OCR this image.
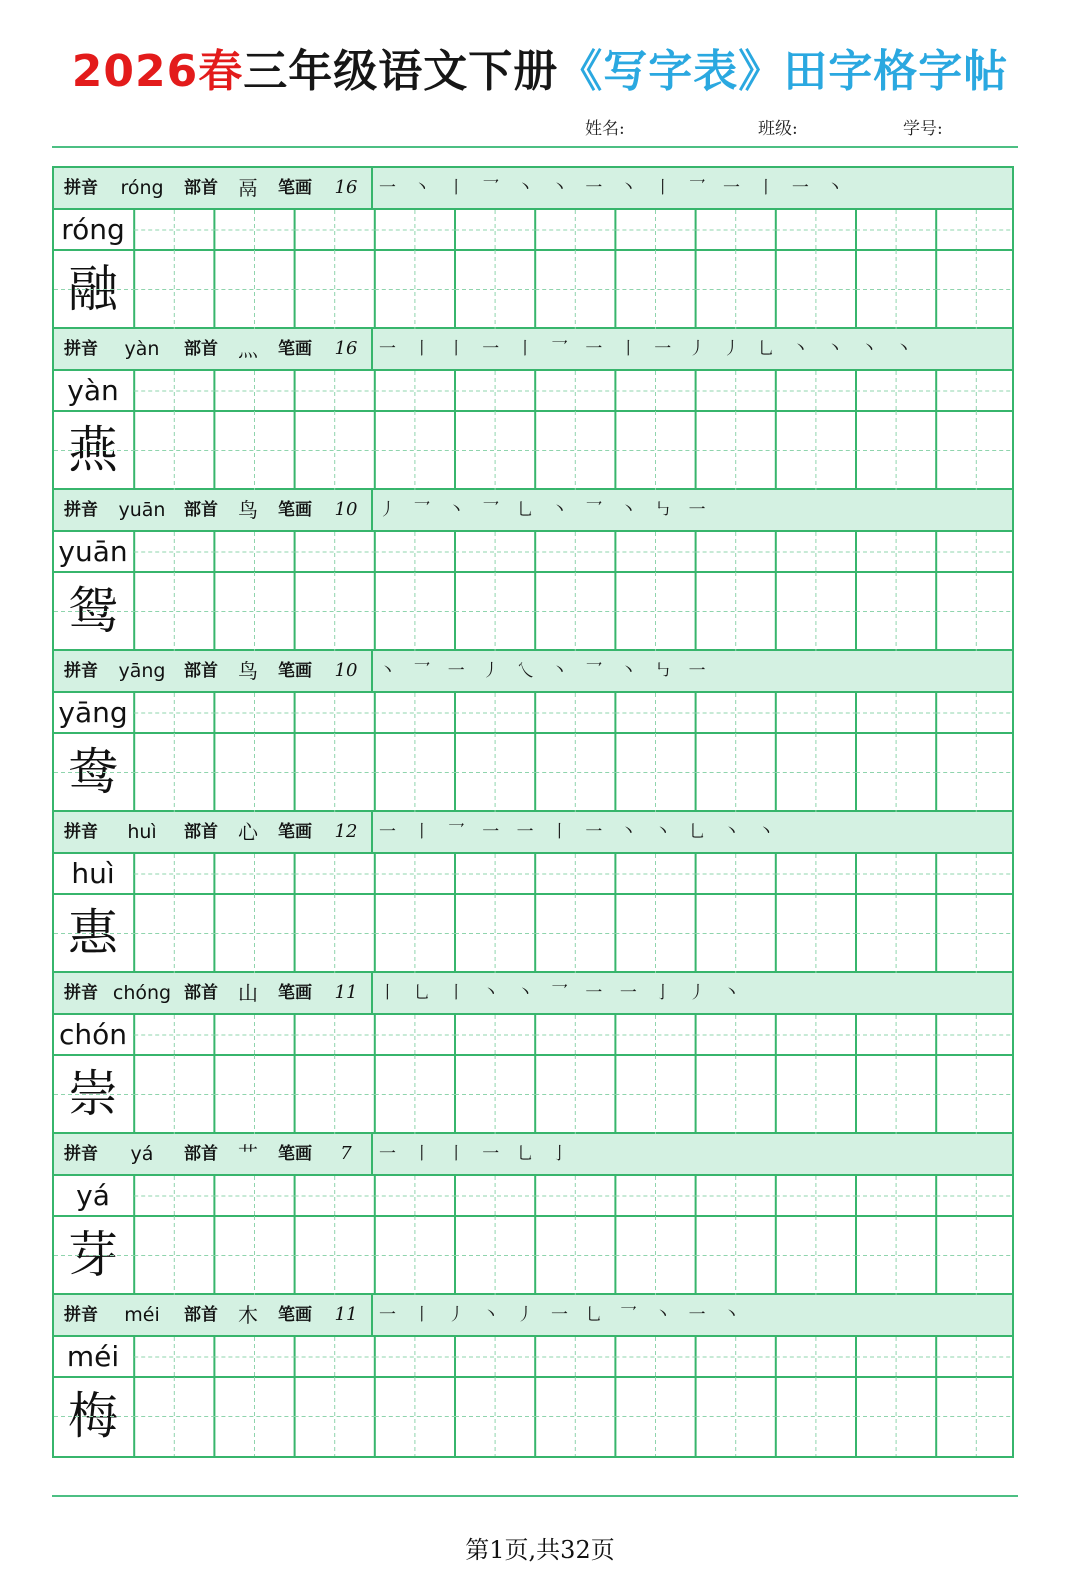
2026春三年级语文下册《写字表》田字格字帖
姓名:	班级:	学号:
拼音	róng	部首	鬲	笔画	16	一 丶 丨 乛 丶 丶 一 丶 丨 乛 一 丨 一 丶
róng
融
拼音	yàn	部首	灬	笔画	16	一 丨 丨 一 丨 乛 一 丨 一 丿 丿 乚 丶 丶 丶 丶
yàn
燕
拼音	yuān	部首	鸟	笔画	10	丿 乛 丶 乛 乚 丶 乛 丶 ㇉ 一
yuān
鸳
拼音	yāng	部首	鸟	笔画	10	丶 乛 一 丿 乀 丶 乛 丶 ㇉ 一
yāng
鸯
拼音	huì	部首	心	笔画	12	一 丨 乛 一 一 丨 一 丶 丶 乚 丶 丶
huì
惠
拼音 chóng 部首	山	笔画	11	丨 乚 丨 丶 丶 乛 一 一 亅 丿 丶
chón
崇
拼音	yá	部首	艹	笔画	7	一 丨 丨 一 乚 亅
yá
芽
拼音	méi	部首	木	笔画	11	一 丨 丿 丶 丿 一 乚 乛 丶 一 丶
méi
梅
第1页,共32页
